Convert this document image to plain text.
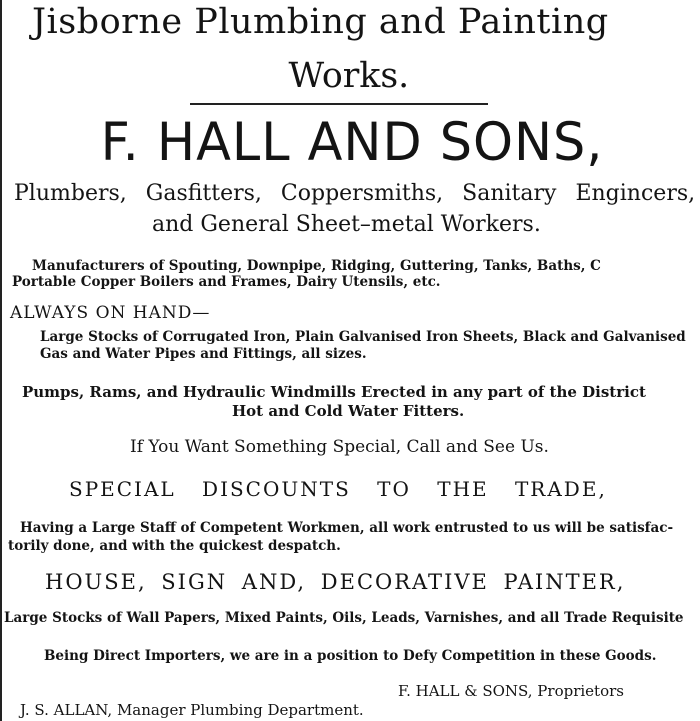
Jisborne Plumbing and Painting

Works.

F. HALL AND SONS,

Plumbers, Gasfitters, Coppersmiths, Sanitary Engincers,

and General Sheet–metal Workers.

Manufacturers of Spouting, Downpipe, Ridging, Guttering, Tanks, Baths, C

Portable Copper Boilers and Frames, Dairy Utensils, etc.

ALWAYS ON HAND—

Large Stocks of Corrugated Iron, Plain Galvanised Iron Sheets, Black and Galvanised

Gas and Water Pipes and Fittings, all sizes.

Pumps, Rams, and Hydraulic Windmills Erected in any part of the District

Hot and Cold Water Fitters.

If You Want Something Special, Call and See Us.

SPECIAL DISCOUNTS TO THE TRADE,

Having a Large Staff of Competent Workmen, all work entrusted to us will be satisfac-

torily done, and with the quickest despatch.

HOUSE, SIGN AND, DECORATIVE PAINTER,

Large Stocks of Wall Papers, Mixed Paints, Oils, Leads, Varnishes, and all Trade Requisite

Being Direct Importers, we are in a position to Defy Competition in these Goods.

F. HALL & SONS, Proprietors

J. S. ALLAN, Manager Plumbing Department.
